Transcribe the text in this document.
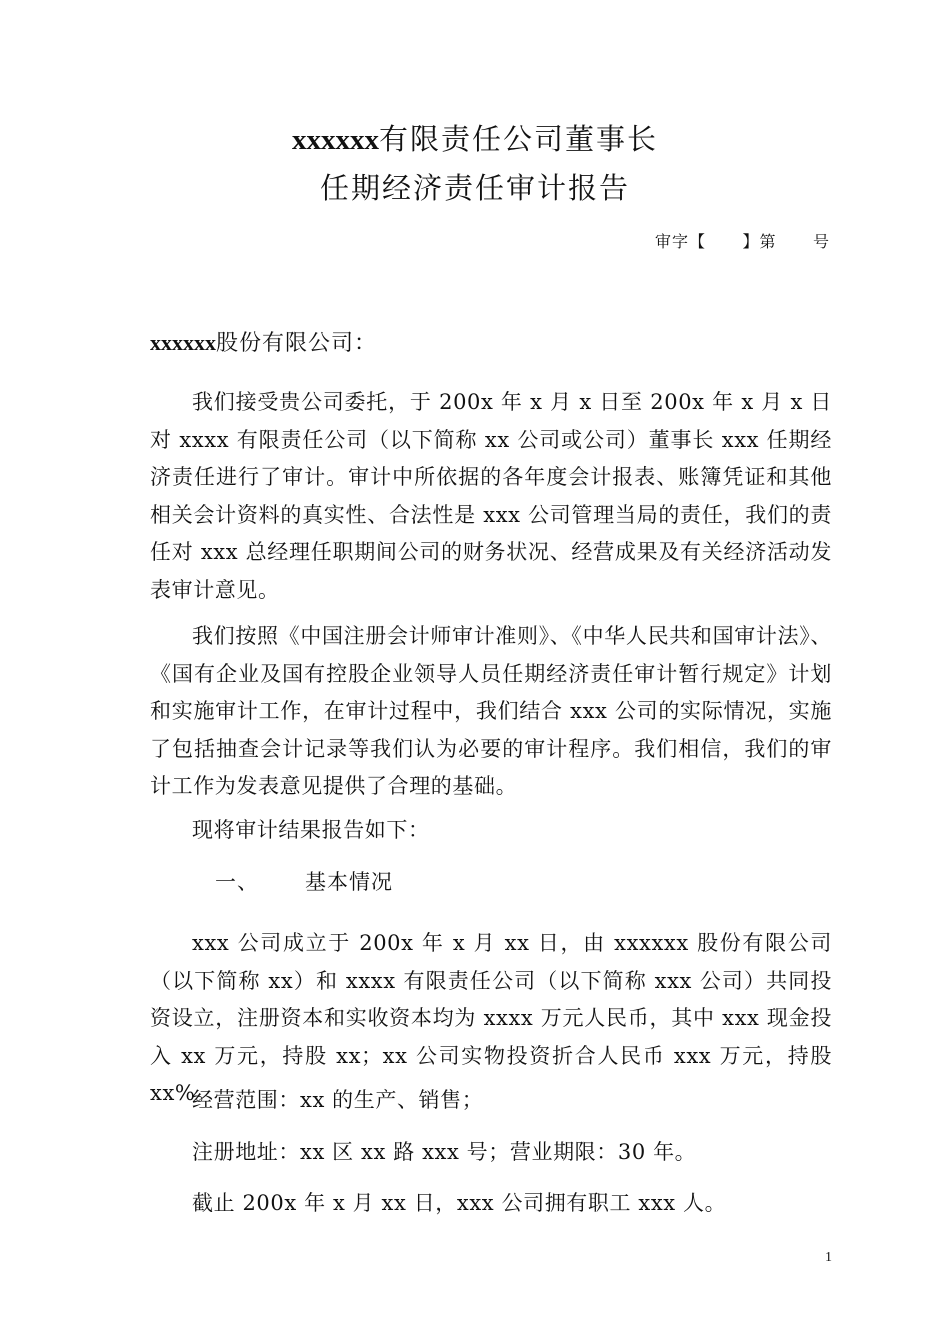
xxxxxx有限责任公司董事长
任期经济责任审计报告
审字【      】第      号
xxxxxx股份有限公司：
我们接受贵公司委托，于 200x 年 x 月 x 日至 200x 年 x 月 x 日对 xxxx 有限责任公司（以下简称 xx 公司或公司）董事长 xxx 任期经济责任进行了审计。审计中所依据的各年度会计报表、账簿凭证和其他相关会计资料的真实性、合法性是 xxx 公司管理当局的责任，我们的责任对 xxx 总经理任职期间公司的财务状况、经营成果及有关经济活动发表审计意见。
我们按照《中国注册会计师审计准则》、《中华人民共和国审计法》、《国有企业及国有控股企业领导人员任期经济责任审计暂行规定》计划和实施审计工作，在审计过程中，我们结合 xxx 公司的实际情况，实施了包括抽查会计记录等我们认为必要的审计程序。我们相信，我们的审计工作为发表意见提供了合理的基础。
现将审计结果报告如下：
一、 基本情况
xxx 公司成立于 200x 年 x 月 xx 日，由 xxxxxx 股份有限公司（以下简称 xx）和 xxxx 有限责任公司（以下简称 xxx 公司）共同投资设立，注册资本和实收资本均为 xxxx 万元人民币，其中 xxx 现金投入 xx 万元，持股 xx；xx 公司实物投资折合人民币 xxx 万元，持股 xx%。
经营范围：xx 的生产、销售；
注册地址：xx 区 xx 路 xxx 号；营业期限：30 年。
截止 200x 年 x 月 xx 日，xxx 公司拥有职工 xxx 人。
1
